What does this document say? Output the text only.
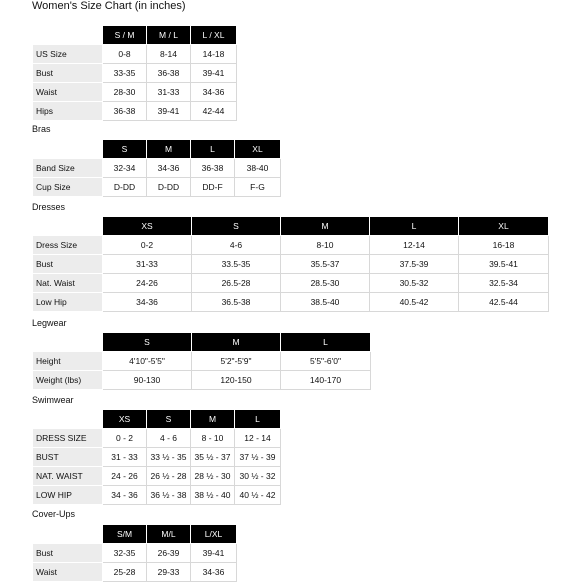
Women's Size Chart (in inches)
	S / M	M / L	L / XL
US Size	0-8	8-14	14-18
Bust	33-35	36-38	39-41
Waist	28-30	31-33	34-36
Hips	36-38	39-41	42-44
Bras
	S	M	L	XL
Band Size	32-34	34-36	36-38	38-40
Cup Size	D-DD	D-DD	DD-F	F-G
Dresses
	XS	S	M	L	XL
Dress Size	0-2	4-6	8-10	12-14	16-18
Bust	31-33	33.5-35	35.5-37	37.5-39	39.5-41
Nat. Waist	24-26	26.5-28	28.5-30	30.5-32	32.5-34
Low Hip	34-36	36.5-38	38.5-40	40.5-42	42.5-44
Legwear
	S	M	L
Height	4'10"-5'5"	5'2"-5'9"	5'5"-6'0"
Weight (lbs)	90-130	120-150	140-170
Swimwear
	XS	S	M	L
DRESS SIZE	0 - 2	4 - 6	8 - 10	12 - 14
BUST	31 - 33	33 ½ - 35	35 ½ - 37	37 ½ - 39
NAT. WAIST	24 - 26	26 ½ - 28	28 ½ - 30	30 ½ - 32
LOW HIP	34 - 36	36 ½ - 38	38 ½ - 40	40 ½ - 42
Cover-Ups
	S/M	M/L	L/XL
Bust	32-35	26-39	39-41
Waist	25-28	29-33	34-36
